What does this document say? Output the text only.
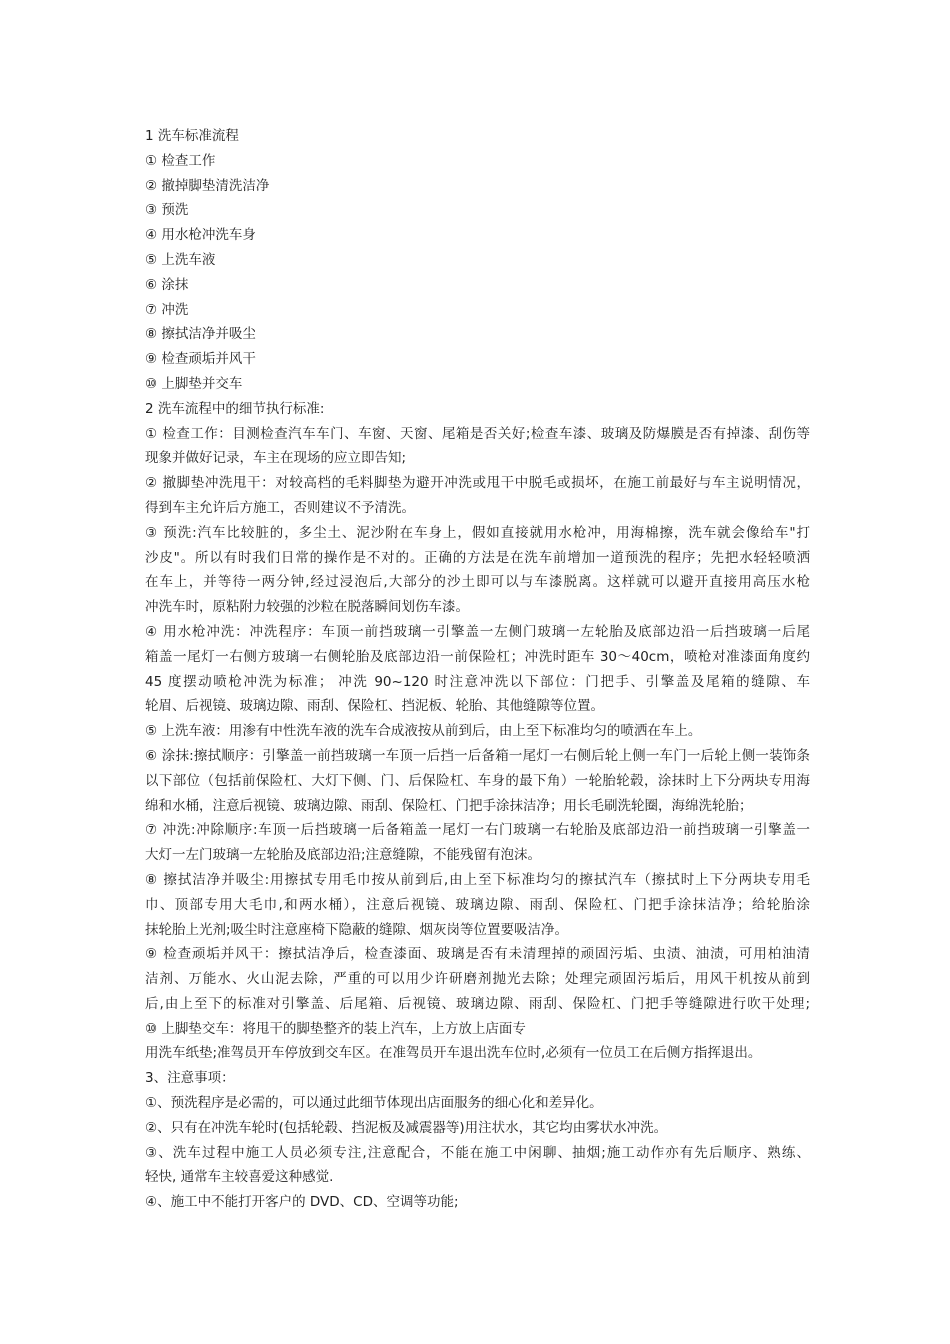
1 洗车标准流程
① 检查工作
② 撤掉脚垫清洗洁净
③ 预洗
④ 用水枪冲洗车身
⑤ 上洗车液
⑥ 涂抹
⑦ 冲洗
⑧ 擦拭洁净并吸尘
⑨ 检查顽垢并风干
⑩ 上脚垫并交车
2 洗车流程中的细节执行标准:
① 检查工作：目测检查汽车车门、车窗、天窗、尾箱是否关好;检查车漆、玻璃及防爆膜是否有掉漆、刮伤等
现象并做好记录，车主在现场的应立即告知;
② 撤脚垫冲洗甩干：对较高档的毛料脚垫为避开冲洗或甩干中脱毛或损坏，在施工前最好与车主说明情况，
得到车主允许后方施工，否则建议不予清洗。
③ 预洗:汽车比较脏的，多尘土、泥沙附在车身上，假如直接就用水枪冲，用海棉擦，洗车就会像给车"打
沙皮"。所以有时我们日常的操作是不对的。正确的方法是在洗车前增加一道预洗的程序；先把水轻轻喷洒
在车上，并等待一两分钟,经过浸泡后,大部分的沙土即可以与车漆脱离。这样就可以避开直接用高压水枪
冲洗车时，原粘附力较强的沙粒在脱落瞬间划伤车漆。
④ 用水枪冲洗：冲洗程序：车顶一前挡玻璃一引擎盖一左侧门玻璃一左轮胎及底部边沿一后挡玻璃一后尾
箱盖一尾灯一右侧方玻璃一右侧轮胎及底部边沿一前保险杠；冲洗时距车 30～40cm，喷枪对准漆面角度约
45 度摆动喷枪冲洗为标准； 冲洗 90~120 时注意冲洗以下部位：门把手、引擎盖及尾箱的缝隙、车
轮眉、后视镜、玻璃边隙、雨刮、保险杠、挡泥板、轮胎、其他缝隙等位置。
⑤ 上洗车液：用渗有中性洗车液的洗车合成液按从前到后，由上至下标准均匀的喷洒在车上。
⑥ 涂抹:擦拭顺序：引擎盖一前挡玻璃一车顶一后挡一后备箱一尾灯一右侧后轮上侧一车门一后轮上侧一装饰条
以下部位（包括前保险杠、大灯下侧、门、后保险杠、车身的最下角）一轮胎轮毂，涂抹时上下分两块专用海
绵和水桶，注意后视镜、玻璃边隙、雨刮、保险杠、门把手涂抹洁净；用长毛刷洗轮圈，海绵洗轮胎；
⑦ 冲洗:冲除顺序:车顶一后挡玻璃一后备箱盖一尾灯一右门玻璃一右轮胎及底部边沿一前挡玻璃一引擎盖一
大灯一左门玻璃一左轮胎及底部边沿;注意缝隙，不能残留有泡沫。
⑧ 擦拭洁净并吸尘:用擦拭专用毛巾按从前到后,由上至下标准均匀的擦拭汽车（擦拭时上下分两块专用毛
巾、顶部专用大毛巾,和两水桶），注意后视镜、玻璃边隙、雨刮、保险杠、门把手涂抹洁净；给轮胎涂
抹轮胎上光剂;吸尘时注意座椅下隐蔽的缝隙、烟灰岗等位置要吸洁净。
⑨ 检查顽垢并风干：擦拭洁净后，检查漆面、玻璃是否有未清理掉的顽固污垢、虫渍、油渍，可用柏油清
洁剂、万能水、火山泥去除，严重的可以用少许研磨剂抛光去除；处理完顽固污垢后，用风干机按从前到
后,由上至下的标准对引擎盖、后尾箱、后视镜、玻璃边隙、雨刮、保险杠、门把手等缝隙进行吹干处理;
⑩ 上脚垫交车：将甩干的脚垫整齐的装上汽车，上方放上店面专
用洗车纸垫;准驾员开车停放到交车区。在准驾员开车退出洗车位时,必须有一位员工在后侧方指挥退出。
3、注意事项：
①、预洗程序是必需的，可以通过此细节体现出店面服务的细心化和差异化。
②、只有在冲洗车轮时(包括轮毂、挡泥板及减震器等)用注状水，其它均由雾状水冲洗。
③、洗车过程中施工人员必须专注,注意配合，不能在施工中闲聊、抽烟;施工动作亦有先后顺序、熟练、
轻快, 通常车主较喜爱这种感觉.
④、施工中不能打开客户的 DVD、CD、空调等功能;
